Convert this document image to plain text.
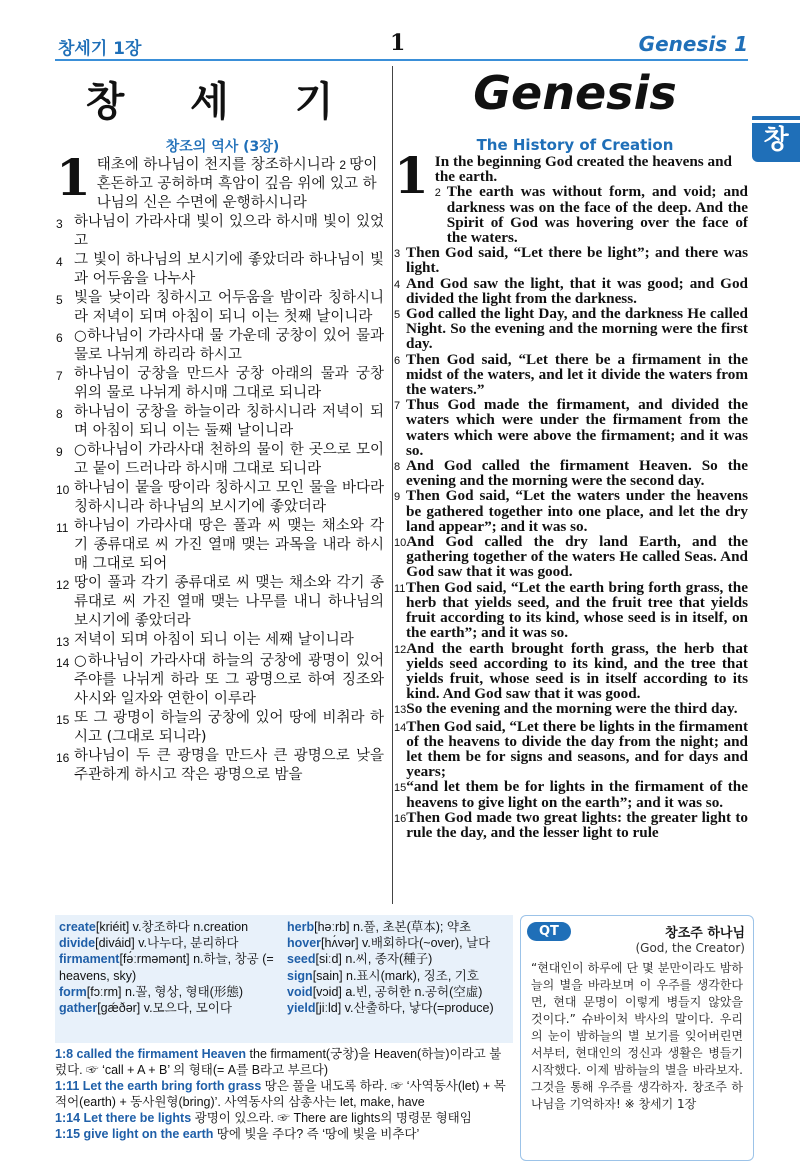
창세기 1장	1	Genesis 1
창 세 기	Genesis
창
창조의 역사 (3장)	The History of Creation
1 태초에 하나님이 천지를 창조하시니라 2 땅이 혼돈하고 공허하며 흑암이 깊음 위에 있고 하나님의 신은 수면에 운행하시니라
3 하나님이 가라사대 빛이 있으라 하시매 빛이 있었고
4 그 빛이 하나님의 보시기에 좋았더라 하나님이 빛과 어두움을 나누사
5 빛을 낮이라 칭하시고 어두움을 밤이라 칭하시니라 저녁이 되며 아침이 되니 이는 첫째 날이니라
6 ○하나님이 가라사대 물 가운데 궁창이 있어 물과 물로 나뉘게 하리라 하시고
7 하나님이 궁창을 만드사 궁창 아래의 물과 궁창 위의 물로 나뉘게 하시매 그대로 되니라
8 하나님이 궁창을 하늘이라 칭하시니라 저녁이 되며 아침이 되니 이는 둘째 날이니라
9 ○하나님이 가라사대 천하의 물이 한 곳으로 모이고 뭍이 드러나라 하시매 그대로 되니라
10 하나님이 뭍을 땅이라 칭하시고 모인 물을 바다라 칭하시니라 하나님의 보시기에 좋았더라
11 하나님이 가라사대 땅은 풀과 씨 맺는 채소와 각기 종류대로 씨 가진 열매 맺는 과목을 내라 하시매 그대로 되어
12 땅이 풀과 각기 종류대로 씨 맺는 채소와 각기 종류대로 씨 가진 열매 맺는 나무를 내니 하나님의 보시기에 좋았더라
13 저녁이 되며 아침이 되니 이는 세째 날이니라
14 ○하나님이 가라사대 하늘의 궁창에 광명이 있어 주야를 나뉘게 하라 또 그 광명으로 하여 징조와 사시와 일자와 연한이 이루라
15 또 그 광명이 하늘의 궁창에 있어 땅에 비취라 하시고 (그대로 되니라)
16 하나님이 두 큰 광명을 만드사 큰 광명으로 낮을 주관하게 하시고 작은 광명으로 밤을
1 In the beginning God created the heavens and the earth.
2 The earth was without form, and void; and darkness was on the face of the deep. And the Spirit of God was hovering over the face of the waters.
3 Then God said, “Let there be light”; and there was light.
4 And God saw the light, that it was good; and God divided the light from the darkness.
5 God called the light Day, and the darkness He called Night. So the evening and the morning were the first day.
6 Then God said, “Let there be a firmament in the midst of the waters, and let it divide the waters from the waters.”
7 Thus God made the firmament, and divided the waters which were under the firmament from the waters which were above the firmament; and it was so.
8 And God called the firmament Heaven. So the evening and the morning were the second day.
9 Then God said, “Let the waters under the heavens be gathered together into one place, and let the dry land appear”; and it was so.
10 And God called the dry land Earth, and the gathering together of the waters He called Seas. And God saw that it was good.
11 Then God said, “Let the earth bring forth grass, the herb that yields seed, and the fruit tree that yields fruit according to its kind, whose seed is in itself, on the earth”; and it was so.
12 And the earth brought forth grass, the herb that yields seed according to its kind, and the tree that yields fruit, whose seed is in itself according to its kind. And God saw that it was good.
13 So the evening and the morning were the third day.
14 Then God said, “Let there be lights in the firmament of the heavens to divide the day from the night; and let them be for signs and seasons, and for days and years;
15 “and let them be for lights in the firmament of the heavens to give light on the earth”; and it was so.
16 Then God made two great lights: the greater light to rule the day, and the lesser light to rule
create[kriéit] v.창조하다 n.creation
divide[diváid] v.나누다, 분리하다
firmament[fə́ːrməmənt] n.하늘, 창공 (= heavens, sky)
form[fɔːrm] n.꼴, 형상, 형태(形態)
gather[gǽðər] v.모으다, 모이다
herb[həːrb] n.풀, 초본(草本); 약초
hover[hʌ́vər] v.배회하다(~over), 날다
seed[siːd] n.씨, 종자(種子)
sign[sain] n.표시(mark), 징조, 기호
void[vɔid] a.빈, 공허한 n.공허(空虛)
yield[jiːld] v.산출하다, 낳다(=produce)
1:8 called the firmament Heaven the firmament(궁창)을 Heaven(하늘)이라고 불렀다. ☞ ‘call + A + B’ 의 형태(= A를 B라고 부르다)
1:11 Let the earth bring forth grass 땅은 풀을 내도록 하라. ☞ ‘사역동사(let) + 목적어(earth) + 동사원형(bring)’. 사역동사의 삼총사는 let, make, have
1:14 Let there be lights 광명이 있으라. ☞ There are lights의 명령문 형태임
1:15 give light on the earth 땅에 빛을 주다? 즉 ‘땅에 빛을 비추다’
QT	창조주 하나님
(God, the Creator)
“현대인이 하루에 단 몇 분만이라도 밤하늘의 별을 바라보며 이 우주를 생각한다면, 현대 문명이 이렇게 병들지 않았을 것이다.” 슈바이처 박사의 말이다. 우리의 눈이 밤하늘의 별 보기를 잊어버린면서부터, 현대인의 정신과 생활은 병들기 시작했다. 이제 밤하늘의 별을 바라보자. 그것을 통해 우주를 생각하자. 창조주 하나님을 기억하자! ※ 창세기 1장
